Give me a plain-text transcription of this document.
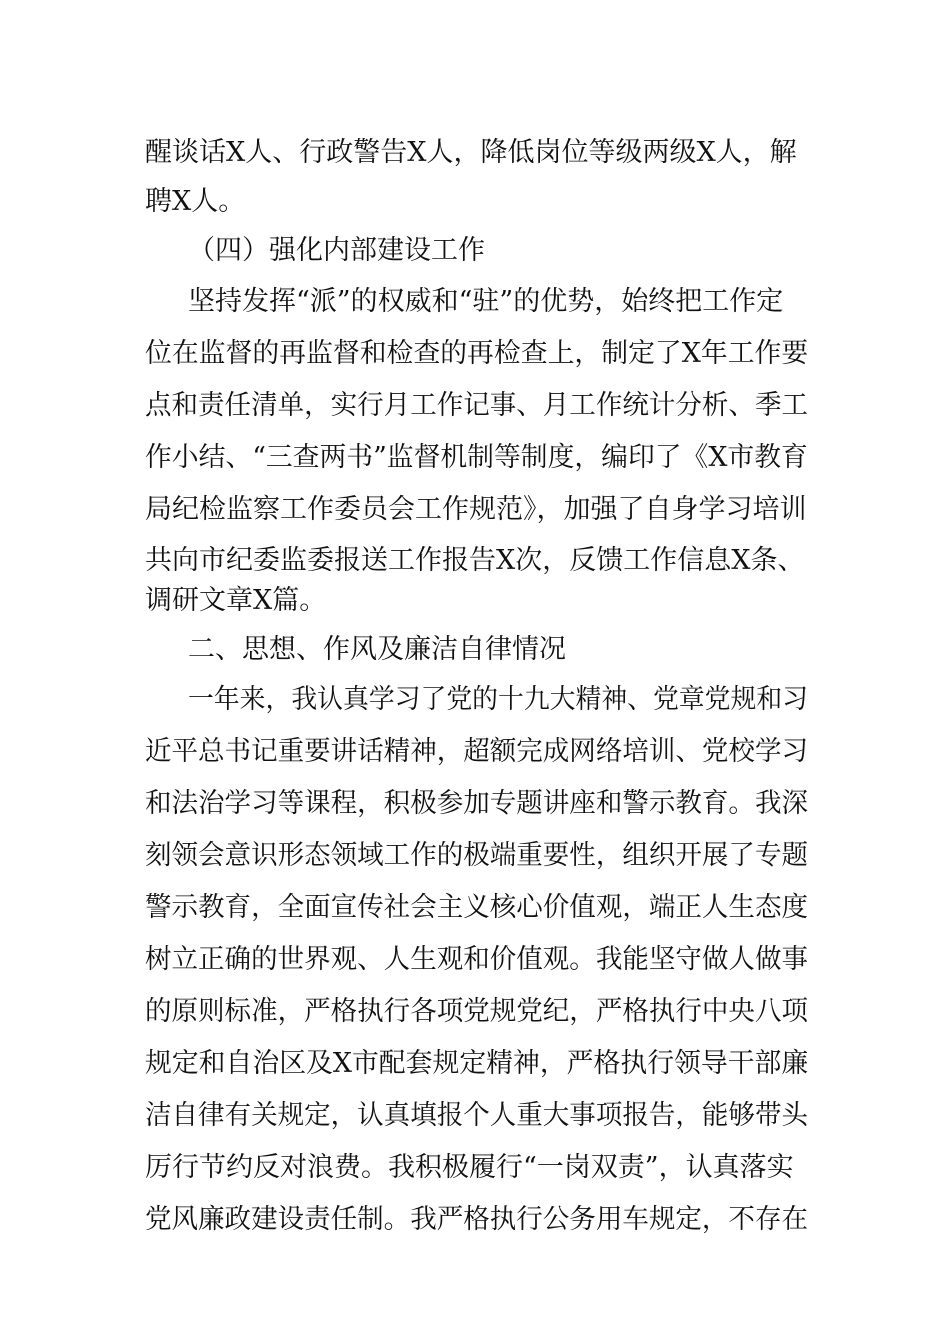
醒谈话X人、行政警告X人，降低岗位等级两级X人，解
聘X人。
（四）强化内部建设工作
坚持发挥“派”的权威和“驻”的优势，始终把工作定
位在监督的再监督和检查的再检查上，制定了X年工作要
点和责任清单，实行月工作记事、月工作统计分析、季工
作小结、“三查两书”监督机制等制度，编印了《X市教育
局纪检监察工作委员会工作规范》，加强了自身学习培训
共向市纪委监委报送工作报告X次，反馈工作信息X条、
调研文章X篇。
二、思想、作风及廉洁自律情况
一年来，我认真学习了党的十九大精神、党章党规和习
近平总书记重要讲话精神，超额完成网络培训、党校学习
和法治学习等课程，积极参加专题讲座和警示教育。我深
刻领会意识形态领域工作的极端重要性，组织开展了专题
警示教育，全面宣传社会主义核心价值观，端正人生态度
树立正确的世界观、人生观和价值观。我能坚守做人做事
的原则标准，严格执行各项党规党纪，严格执行中央八项
规定和自治区及X市配套规定精神，严格执行领导干部廉
洁自律有关规定，认真填报个人重大事项报告，能够带头
厉行节约反对浪费。我积极履行“一岗双责”，认真落实
党风廉政建设责任制。我严格执行公务用车规定，不存在
